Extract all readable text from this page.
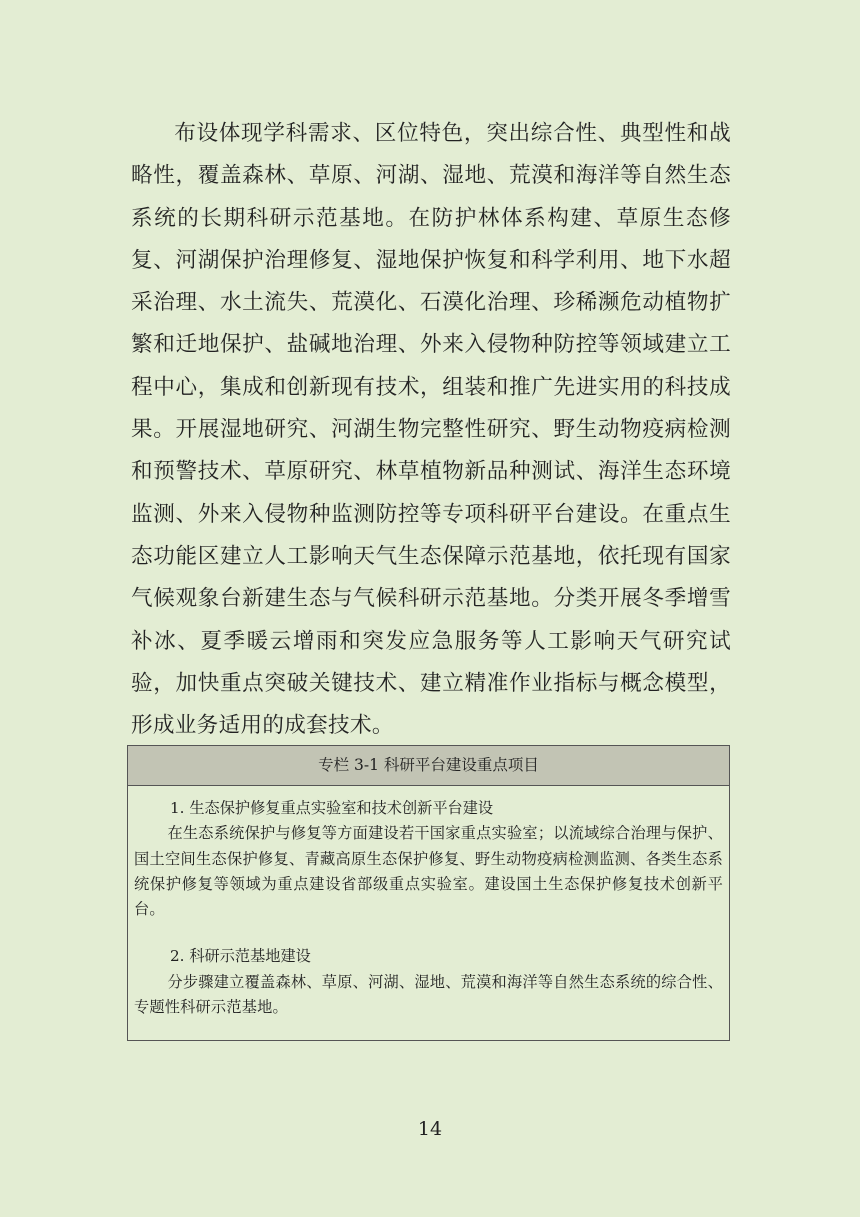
布设体现学科需求、区位特色，突出综合性、典型性和战略性，覆盖森林、草原、河湖、湿地、荒漠和海洋等自然生态系统的长期科研示范基地。在防护林体系构建、草原生态修复、河湖保护治理修复、湿地保护恢复和科学利用、地下水超采治理、水土流失、荒漠化、石漠化治理、珍稀濒危动植物扩繁和迁地保护、盐碱地治理、外来入侵物种防控等领域建立工程中心，集成和创新现有技术，组装和推广先进实用的科技成果。开展湿地研究、河湖生物完整性研究、野生动物疫病检测和预警技术、草原研究、林草植物新品种测试、海洋生态环境监测、外来入侵物种监测防控等专项科研平台建设。在重点生态功能区建立人工影响天气生态保障示范基地，依托现有国家气候观象台新建生态与气候科研示范基地。分类开展冬季增雪补冰、夏季暖云增雨和突发应急服务等人工影响天气研究试验，加快重点突破关键技术、建立精准作业指标与概念模型，形成业务适用的成套技术。

专栏 3-1 科研平台建设重点项目

1. 生态保护修复重点实验室和技术创新平台建设

在生态系统保护与修复等方面建设若干国家重点实验室；以流域综合治理与保护、国土空间生态保护修复、青藏高原生态保护修复、野生动物疫病检测监测、各类生态系统保护修复等领域为重点建设省部级重点实验室。建设国土生态保护修复技术创新平台。

2. 科研示范基地建设

分步骤建立覆盖森林、草原、河湖、湿地、荒漠和海洋等自然生态系统的综合性、专题性科研示范基地。

14
